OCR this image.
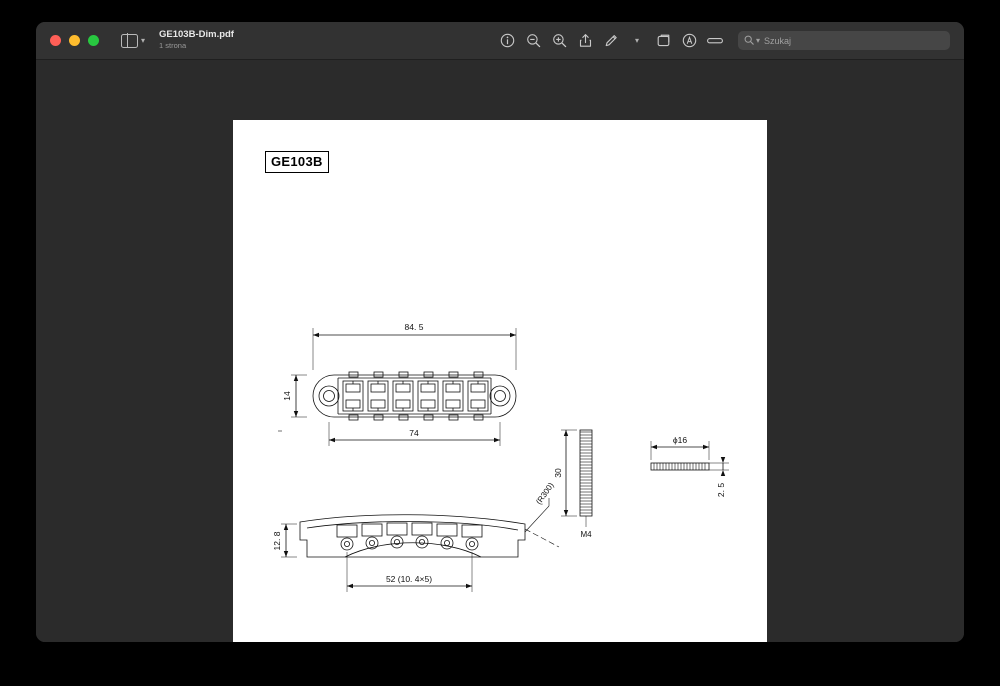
▾ GE103B-Dim.pdf
1 strona
▾	▾ Szukaj
GE103B
84. 5
74
14
30
M4
ϕ16
2. 5
12. 8
52 (10. 4×5)
(R300)
